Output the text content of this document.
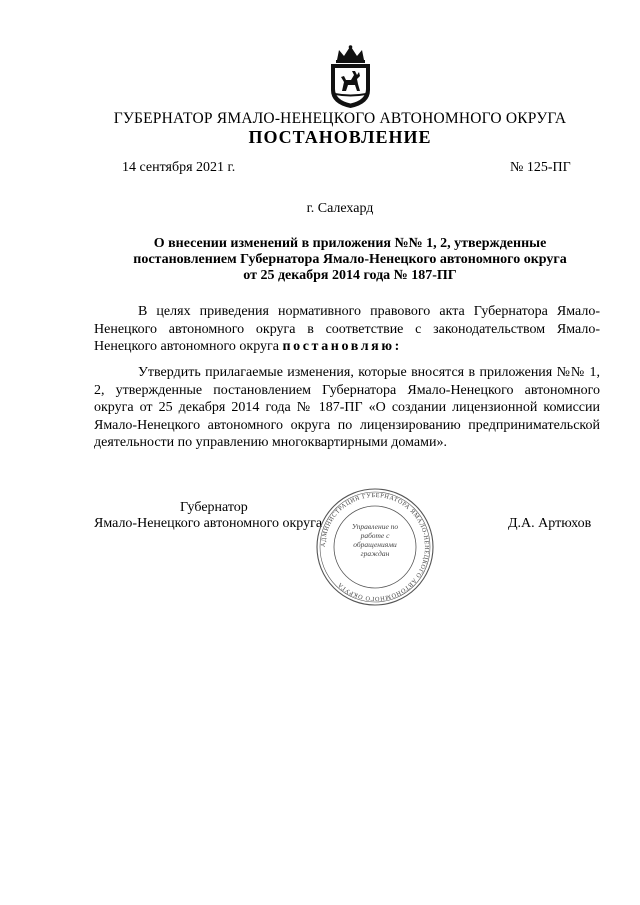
ГУБЕРНАТОР ЯМАЛО-НЕНЕЦКОГО АВТОНОМНОГО ОКРУГА
ПОСТАНОВЛЕНИЕ
14 сентября 2021 г.	№ 125-ПГ
г. Салехард
О внесении изменений в приложения №№ 1, 2, утвержденные
постановлением Губернатора Ямало-Ненецкого автономного округа
от 25 декабря 2014 года № 187-ПГ
В целях приведения нормативного правового акта Губернатора Ямало-Ненецкого автономного округа в соответствие с законодательством Ямало-Ненецкого автономного округа постановляю:
Утвердить прилагаемые изменения, которые вносятся в приложения №№ 1, 2, утвержденные постановлением Губернатора Ямало-Ненецкого автономного округа от 25 декабря 2014 года № 187-ПГ «О создании лицензионной комиссии Ямало-Ненецкого автономного округа по лицензированию предпринимательской деятельности по управлению многоквартирными домами».
Губернатор
Ямало-Ненецкого автономного округа	Д.А. Артюхов
АДМИНИСТРАЦИЯ ГУБЕРНАТОРА ЯМАЛО-НЕНЕЦКОГО АВТОНОМНОГО ОКРУГА
Управление по работе с обращениями граждан
